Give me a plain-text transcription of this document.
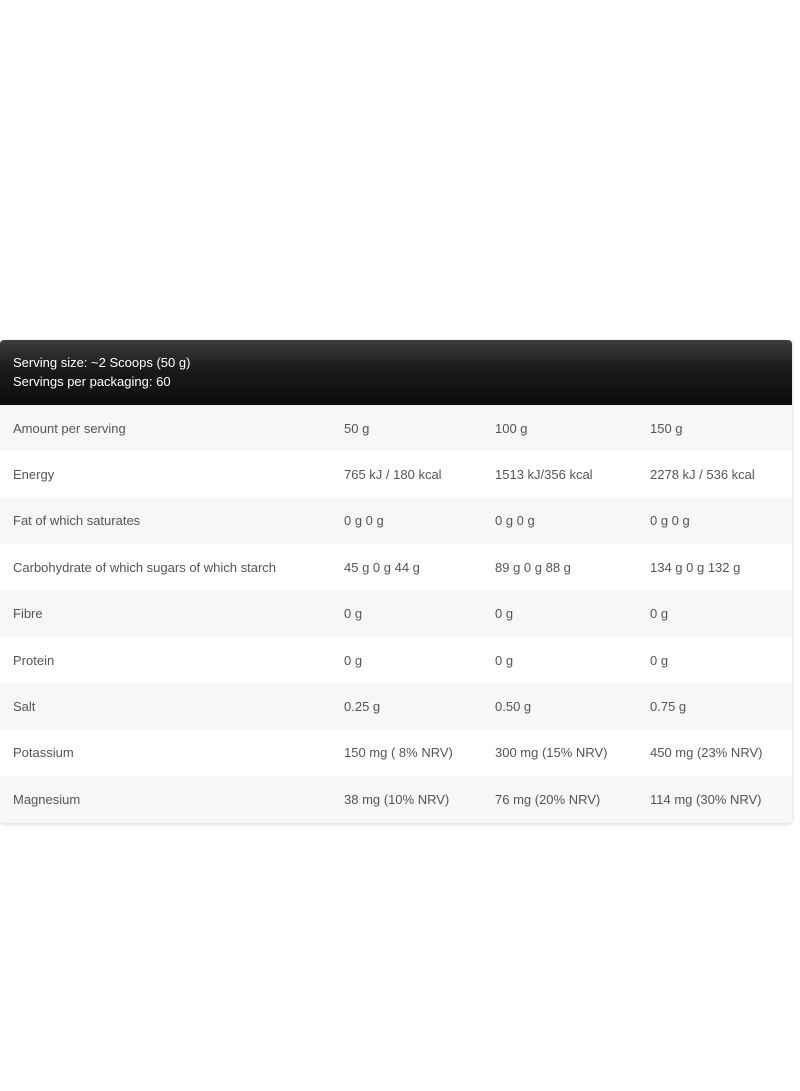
Serving size: ~2 Scoops (50 g)
Servings per packaging: 60
Amount per serving	50 g	100 g	150 g
Energy	765 kJ / 180 kcal	1513 kJ/356 kcal	2278 kJ / 536 kcal
Fat of which saturates	0 g 0 g	0 g 0 g	0 g 0 g
Carbohydrate of which sugars of which starch	45 g 0 g 44 g	89 g 0 g 88 g	134 g 0 g 132 g
Fibre	0 g	0 g	0 g
Protein	0 g	0 g	0 g
Salt	0.25 g	0.50 g	0.75 g
Potassium	150 mg ( 8% NRV)	300 mg (15% NRV)	450 mg (23% NRV)
Magnesium	38 mg (10% NRV)	76 mg (20% NRV)	114 mg (30% NRV)
